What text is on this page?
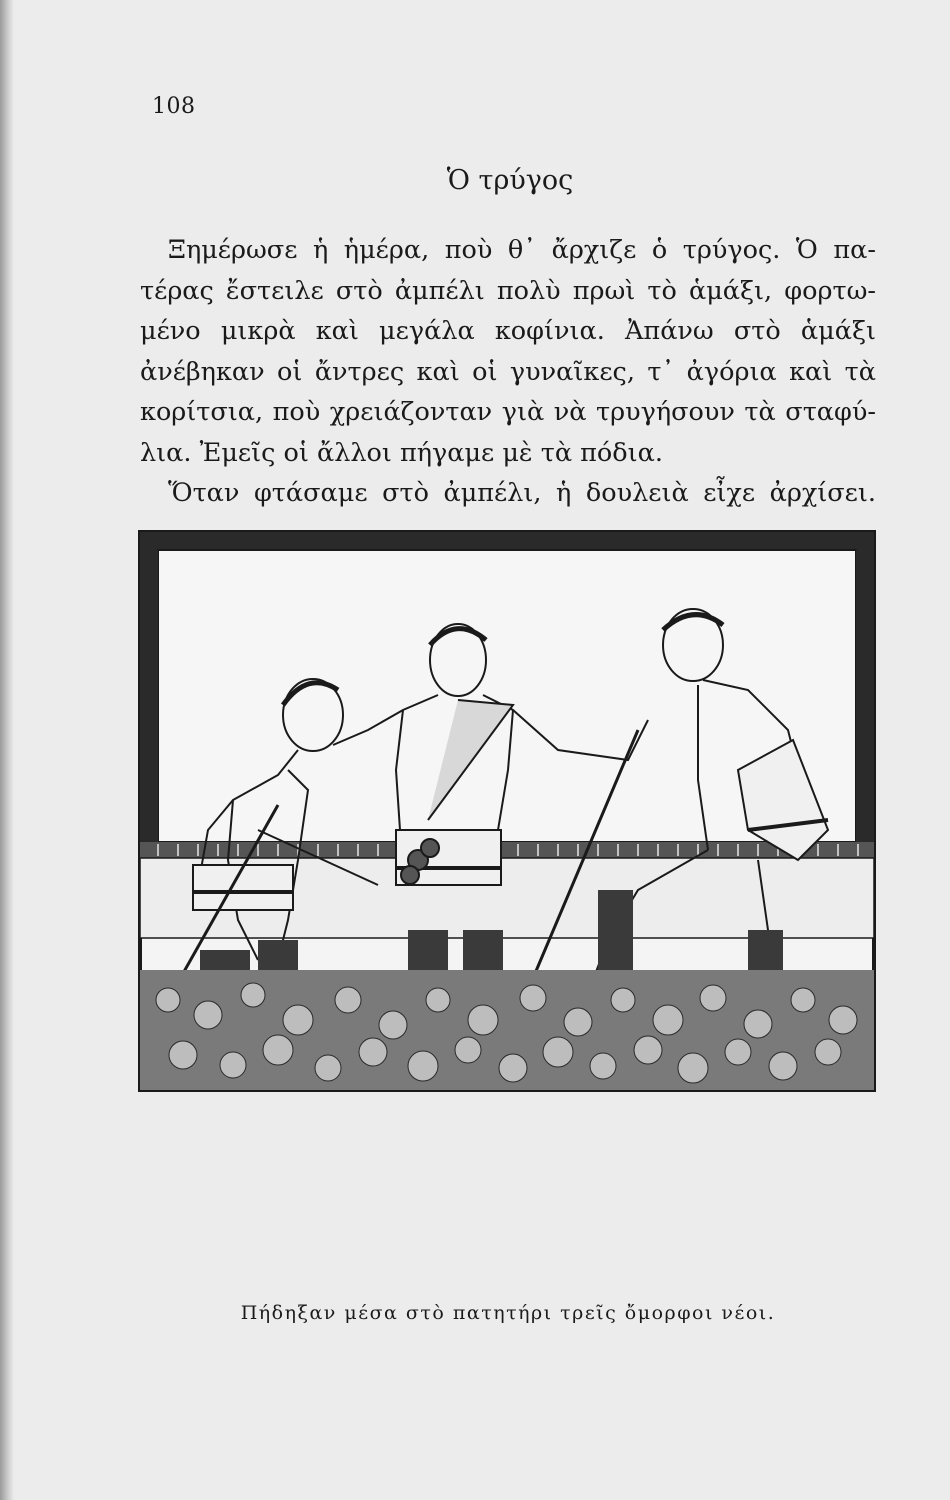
108
Ὁ τρύγος

Ξημέρωσε ἡ ἡμέρα, ποὺ θ᾿ ἄρχιζε ὁ τρύγος. Ὁ πα-
τέρας ἔστειλε στὸ ἀμπέλι πολὺ πρωὶ τὸ ἁμάξι, φορτω-
μένο μικρὰ καὶ μεγάλα κοφίνια. Ἀπάνω στὸ ἁμάξι
ἀνέβηκαν οἱ ἄντρες καὶ οἱ γυναῖκες, τ᾿ ἀγόρια καὶ τὰ
κορίτσια, ποὺ χρειάζονταν γιὰ νὰ τρυγήσουν τὰ σταφύ-
λια. Ἐμεῖς οἱ ἄλλοι πήγαμε μὲ τὰ πόδια.
Ὅταν φτάσαμε στὸ ἀμπέλι, ἡ δουλειὰ εἶχε ἀρχίσει.

Πήδηξαν μέσα στὸ πατητήρι τρεῖς ὄμορφοι νέοι.
